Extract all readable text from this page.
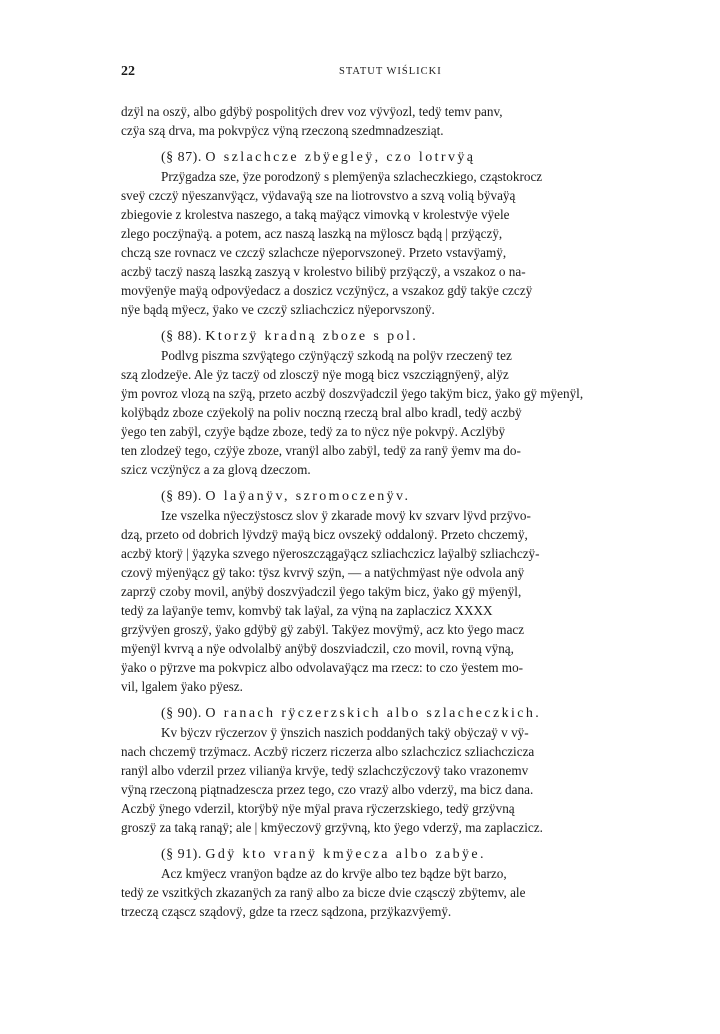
22	STATUT WIŚLICKI

dzÿl na oszÿ, albo gdÿbÿ pospolitÿch drev voz vÿvÿozl, tedÿ temv panv,
czÿa szą drva, ma pokvpÿcz vÿną rzeczoną szedmnadzesziąt.

(§ 87). O szlachcze zbÿegleÿ, czo lotrvÿą

Przÿgadza sze, ÿze porodzonÿ s plemÿenÿa szlacheczkiego, cząstokrocz
sveÿ czczÿ nÿeszanvÿącz, vÿdavaÿą sze na liotrovstvo a szvą volią bÿvaÿą
zbiegovie z krolestva naszego, a taką maÿącz vimovką v krolestvÿe vÿele
zlego poczÿnaÿą. a potem, acz naszą laszką na mÿloscz bądą | przÿączÿ,
chczą sze rovnacz ve czczÿ szlachcze nÿeporvszoneÿ. Przeto vstavÿamÿ,
aczbÿ taczÿ naszą laszką zaszyą v krolestvo bilibÿ przÿączÿ, a vszakoz o na-
movÿenÿe maÿą odpovÿedacz a doszicz vczÿnÿcz, a vszakoz gdÿ takÿe czczÿ
nÿe bądą mÿecz, ÿako ve czczÿ szliachczicz nÿeporvszonÿ.

(§ 88). Ktorzÿ kradną zboze s pol.

Podlvg piszma szvÿątego czÿnÿączÿ szkodą na polÿv rzeczenÿ tez
szą zlodzeÿe. Ale ÿz taczÿ od zlosczÿ nÿe mogą bicz vszczіągnÿenÿ, alÿz
ÿm povroz vlozą na szÿą, przeto aczbÿ doszvÿadczil ÿego takÿm bicz, ÿako gÿ mÿenÿl,
kolÿbądz zboze czÿekolÿ na poliv noczną rzeczą bral albo kradl, tedÿ aczbÿ
ÿego ten zabÿl, czyÿe bądze zboze, tedÿ za to nÿcz nÿe pokvpÿ. Aczlÿbÿ
ten zlodzeÿ tego, czÿÿe zboze, vranÿl albo zabÿl, tedÿ za ranÿ ÿemv ma do-
szicz vczÿnÿcz a za glovą dzeczom.

(§ 89). O laÿanÿv, szromoczenÿv.

Ize vszelka nÿeczÿstoscz slov ÿ zkarade movÿ kv szvarv lÿvd przÿvo-
dzą, przeto od dobrich lÿvdzÿ maÿą bicz ovszekÿ oddalonÿ. Przeto chczemÿ,
aczbÿ ktorÿ | ÿązyka szvego nÿeroszczągaÿącz szliachczicz laÿalbÿ szliachczÿ-
czovÿ mÿenÿącz gÿ tako: tÿsz kvrvÿ szÿn, — a natÿchmÿast nÿe odvola anÿ
zaprzÿ czoby movil, anÿbÿ doszvÿadczil ÿego takÿm bicz, ÿako gÿ mÿenÿl,
tedÿ za laÿanÿe temv, komvbÿ tak laÿal, za vÿną na zaplaczicz XXXX
grzÿvÿen groszÿ, ÿako gdÿbÿ gÿ zabÿl. Takÿez movÿmÿ, acz kto ÿego macz
mÿenÿl kvrvą a nÿe odvolalbÿ anÿbÿ doszviadczil, czo movil, rovną vÿną,
ÿako o pÿrzve ma pokvpicz albo odvolavaÿącz ma rzecz: to czo ÿestem mo-
vil, lgalem ÿako pÿesz.

(§ 90). O ranach rÿczerzskich albo szlacheczkich.

Kv bÿczv rÿczerzov ÿ ÿnszich naszich poddanÿch takÿ obÿczaÿ v vÿ-
nach chczemÿ trzÿmacz. Aczbÿ riczerz riczerza albo szlachczicz szliachczicza
ranÿl albo vderzil przez vilianÿa krvÿe, tedÿ szlachczÿczovÿ tako vrazonemv
vÿną rzeczoną piątnadzescza przez tego, czo vrazÿ albo vderzÿ, ma bicz dana.
Aczbÿ ÿnego vderzil, ktorÿbÿ nÿe mÿal prava rÿczerzskiego, tedÿ grzÿvną
groszÿ za taką ranąÿ; ale | kmÿeczovÿ grzÿvną, kto ÿego vderzÿ, ma zaplaczicz.

(§ 91). Gdÿ kto vranÿ kmÿecza albo zabÿe.

Acz kmÿecz vranÿon bądze az do krvÿe albo tez bądze bÿt barzo,
tedÿ ze vszitkÿch zkazanÿch za ranÿ albo za bicze dvie cząsczÿ zbÿtemv, ale
trzeczą cząscz sządovÿ, gdze ta rzecz sądzona, przÿkazvÿemÿ.
